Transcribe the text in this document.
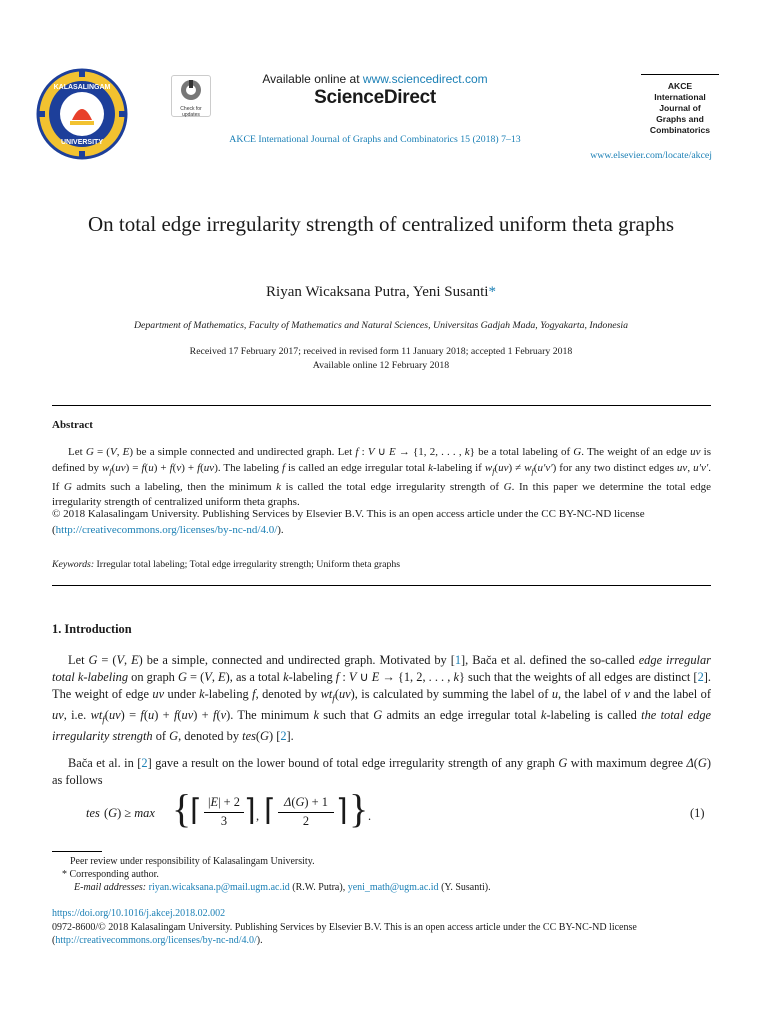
KALASALINGAM
UNIVERSITY
Check for updates
Available online at www.sciencedirect.com
ScienceDirect
AKCE International Journal of Graphs and Combinatorics 15 (2018) 7–13
AKCE International Journal of Graphs and Combinatorics
www.elsevier.com/locate/akcej
On total edge irregularity strength of centralized uniform theta graphs
Riyan Wicaksana Putra, Yeni Susanti*
Department of Mathematics, Faculty of Mathematics and Natural Sciences, Universitas Gadjah Mada, Yogyakarta, Indonesia
Received 17 February 2017; received in revised form 11 January 2018; accepted 1 February 2018
Available online 12 February 2018
Abstract
Let G = (V, E) be a simple connected and undirected graph. Let f : V ∪ E → {1, 2, . . . , k} be a total labeling of G. The weight of an edge uv is defined by $w_f(uv) = f(u) + f(v) + f(uv)$. The labeling f is called an edge irregular total k-labeling if $w_f(uv) \ne w_f(u'v')$ for any two distinct edges uv, u′v′. If G admits such a labeling, then the minimum k is called the total edge irregularity strength of G. In this paper we determine the total edge irregularity strength of centralized uniform theta graphs.
© 2018 Kalasalingam University. Publishing Services by Elsevier B.V. This is an open access article under the CC BY-NC-ND license (http://creativecommons.org/licenses/by-nc-nd/4.0/).
Keywords: Irregular total labeling; Total edge irregularity strength; Uniform theta graphs
1. Introduction
Let G = (V, E) be a simple, connected and undirected graph. Motivated by [1], Bača et al. defined the so-called edge irregular total k-labeling on graph G = (V, E), as a total k-labeling f : V ∪ E → {1, 2, . . . , k} such that the weights of all edges are distinct [2]. The weight of edge uv under k-labeling f, denoted by $wt_f(uv)$, is calculated by summing the label of u, the label of v and the label of uv, i.e. $wt_f(uv) = f(u) + f(uv) + f(v)$. The minimum k such that G admits an edge irregular total k-labeling is called the total edge irregularity strength of G, denoted by tes(G) [2].
Bača et al. in [2] gave a result on the lower bound of total edge irregularity strength of any graph G with maximum degree Δ(G) as follows
tes (G) ≥ max {
⌈ |E| + 2
3 ⌉ , ⌈ Δ(G) + 1
2 ⌉ } .	(1)
Peer review under responsibility of Kalasalingam University.
* Corresponding author.
E-mail addresses: riyan.wicaksana.p@mail.ugm.ac.id (R.W. Putra), yeni_math@ugm.ac.id (Y. Susanti).
https://doi.org/10.1016/j.akcej.2018.02.002
0972-8600/© 2018 Kalasalingam University. Publishing Services by Elsevier B.V. This is an open access article under the CC BY-NC-ND license
(http://creativecommons.org/licenses/by-nc-nd/4.0/).
